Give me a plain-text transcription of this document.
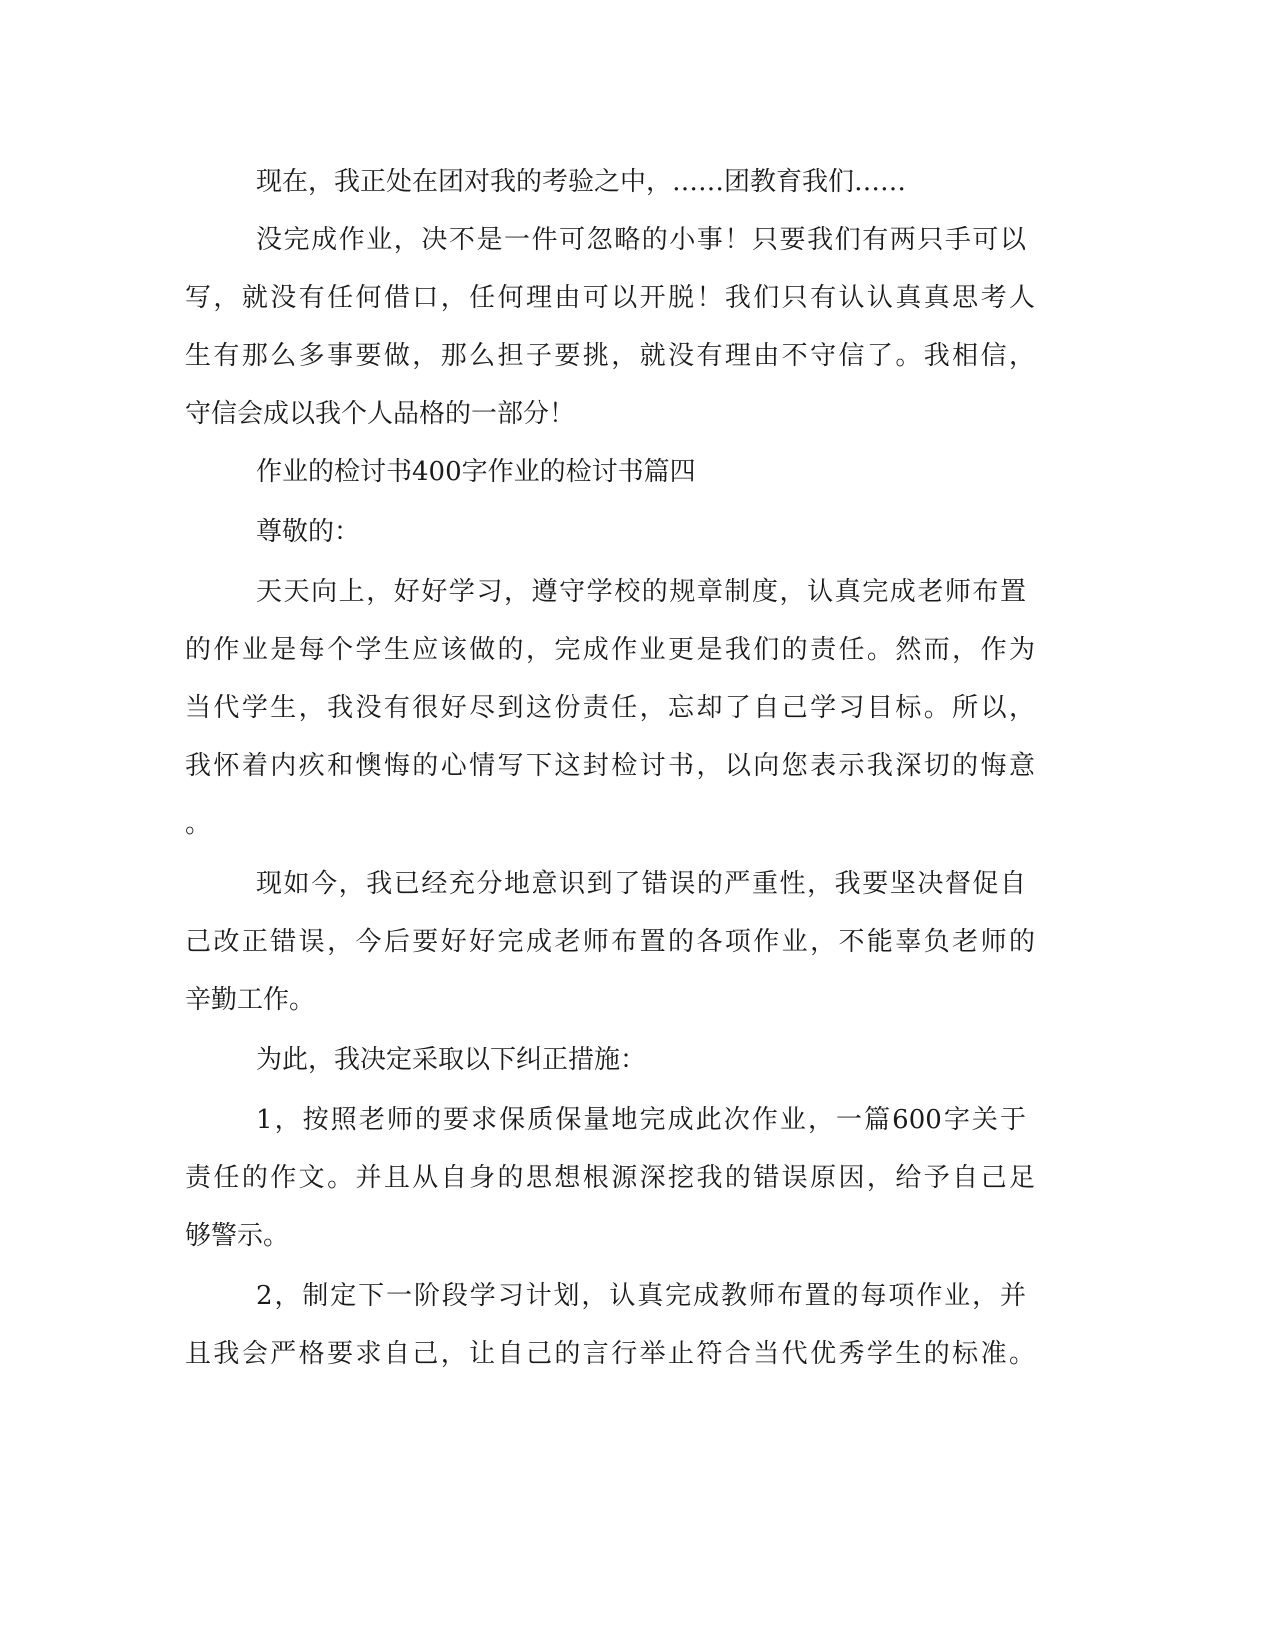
现在，我正处在团对我的考验之中，……团教育我们……
没完成作业，决不是一件可忽略的小事！只要我们有两只手可以
写，就没有任何借口，任何理由可以开脱！我们只有认认真真思考人
生有那么多事要做，那么担子要挑，就没有理由不守信了。我相信，
守信会成以我个人品格的一部分！
作业的检讨书400字作业的检讨书篇四
尊敬的：
天天向上，好好学习，遵守学校的规章制度，认真完成老师布置
的作业是每个学生应该做的，完成作业更是我们的责任。然而，作为
当代学生，我没有很好尽到这份责任，忘却了自己学习目标。所以，
我怀着内疚和懊悔的心情写下这封检讨书，以向您表示我深切的悔意
。
现如今，我已经充分地意识到了错误的严重性，我要坚决督促自
己改正错误，今后要好好完成老师布置的各项作业，不能辜负老师的
辛勤工作。
为此，我决定采取以下纠正措施：
1，按照老师的要求保质保量地完成此次作业，一篇600字关于
责任的作文。并且从自身的思想根源深挖我的错误原因，给予自己足
够警示。
2，制定下一阶段学习计划，认真完成教师布置的每项作业，并
且我会严格要求自己，让自己的言行举止符合当代优秀学生的标准。
